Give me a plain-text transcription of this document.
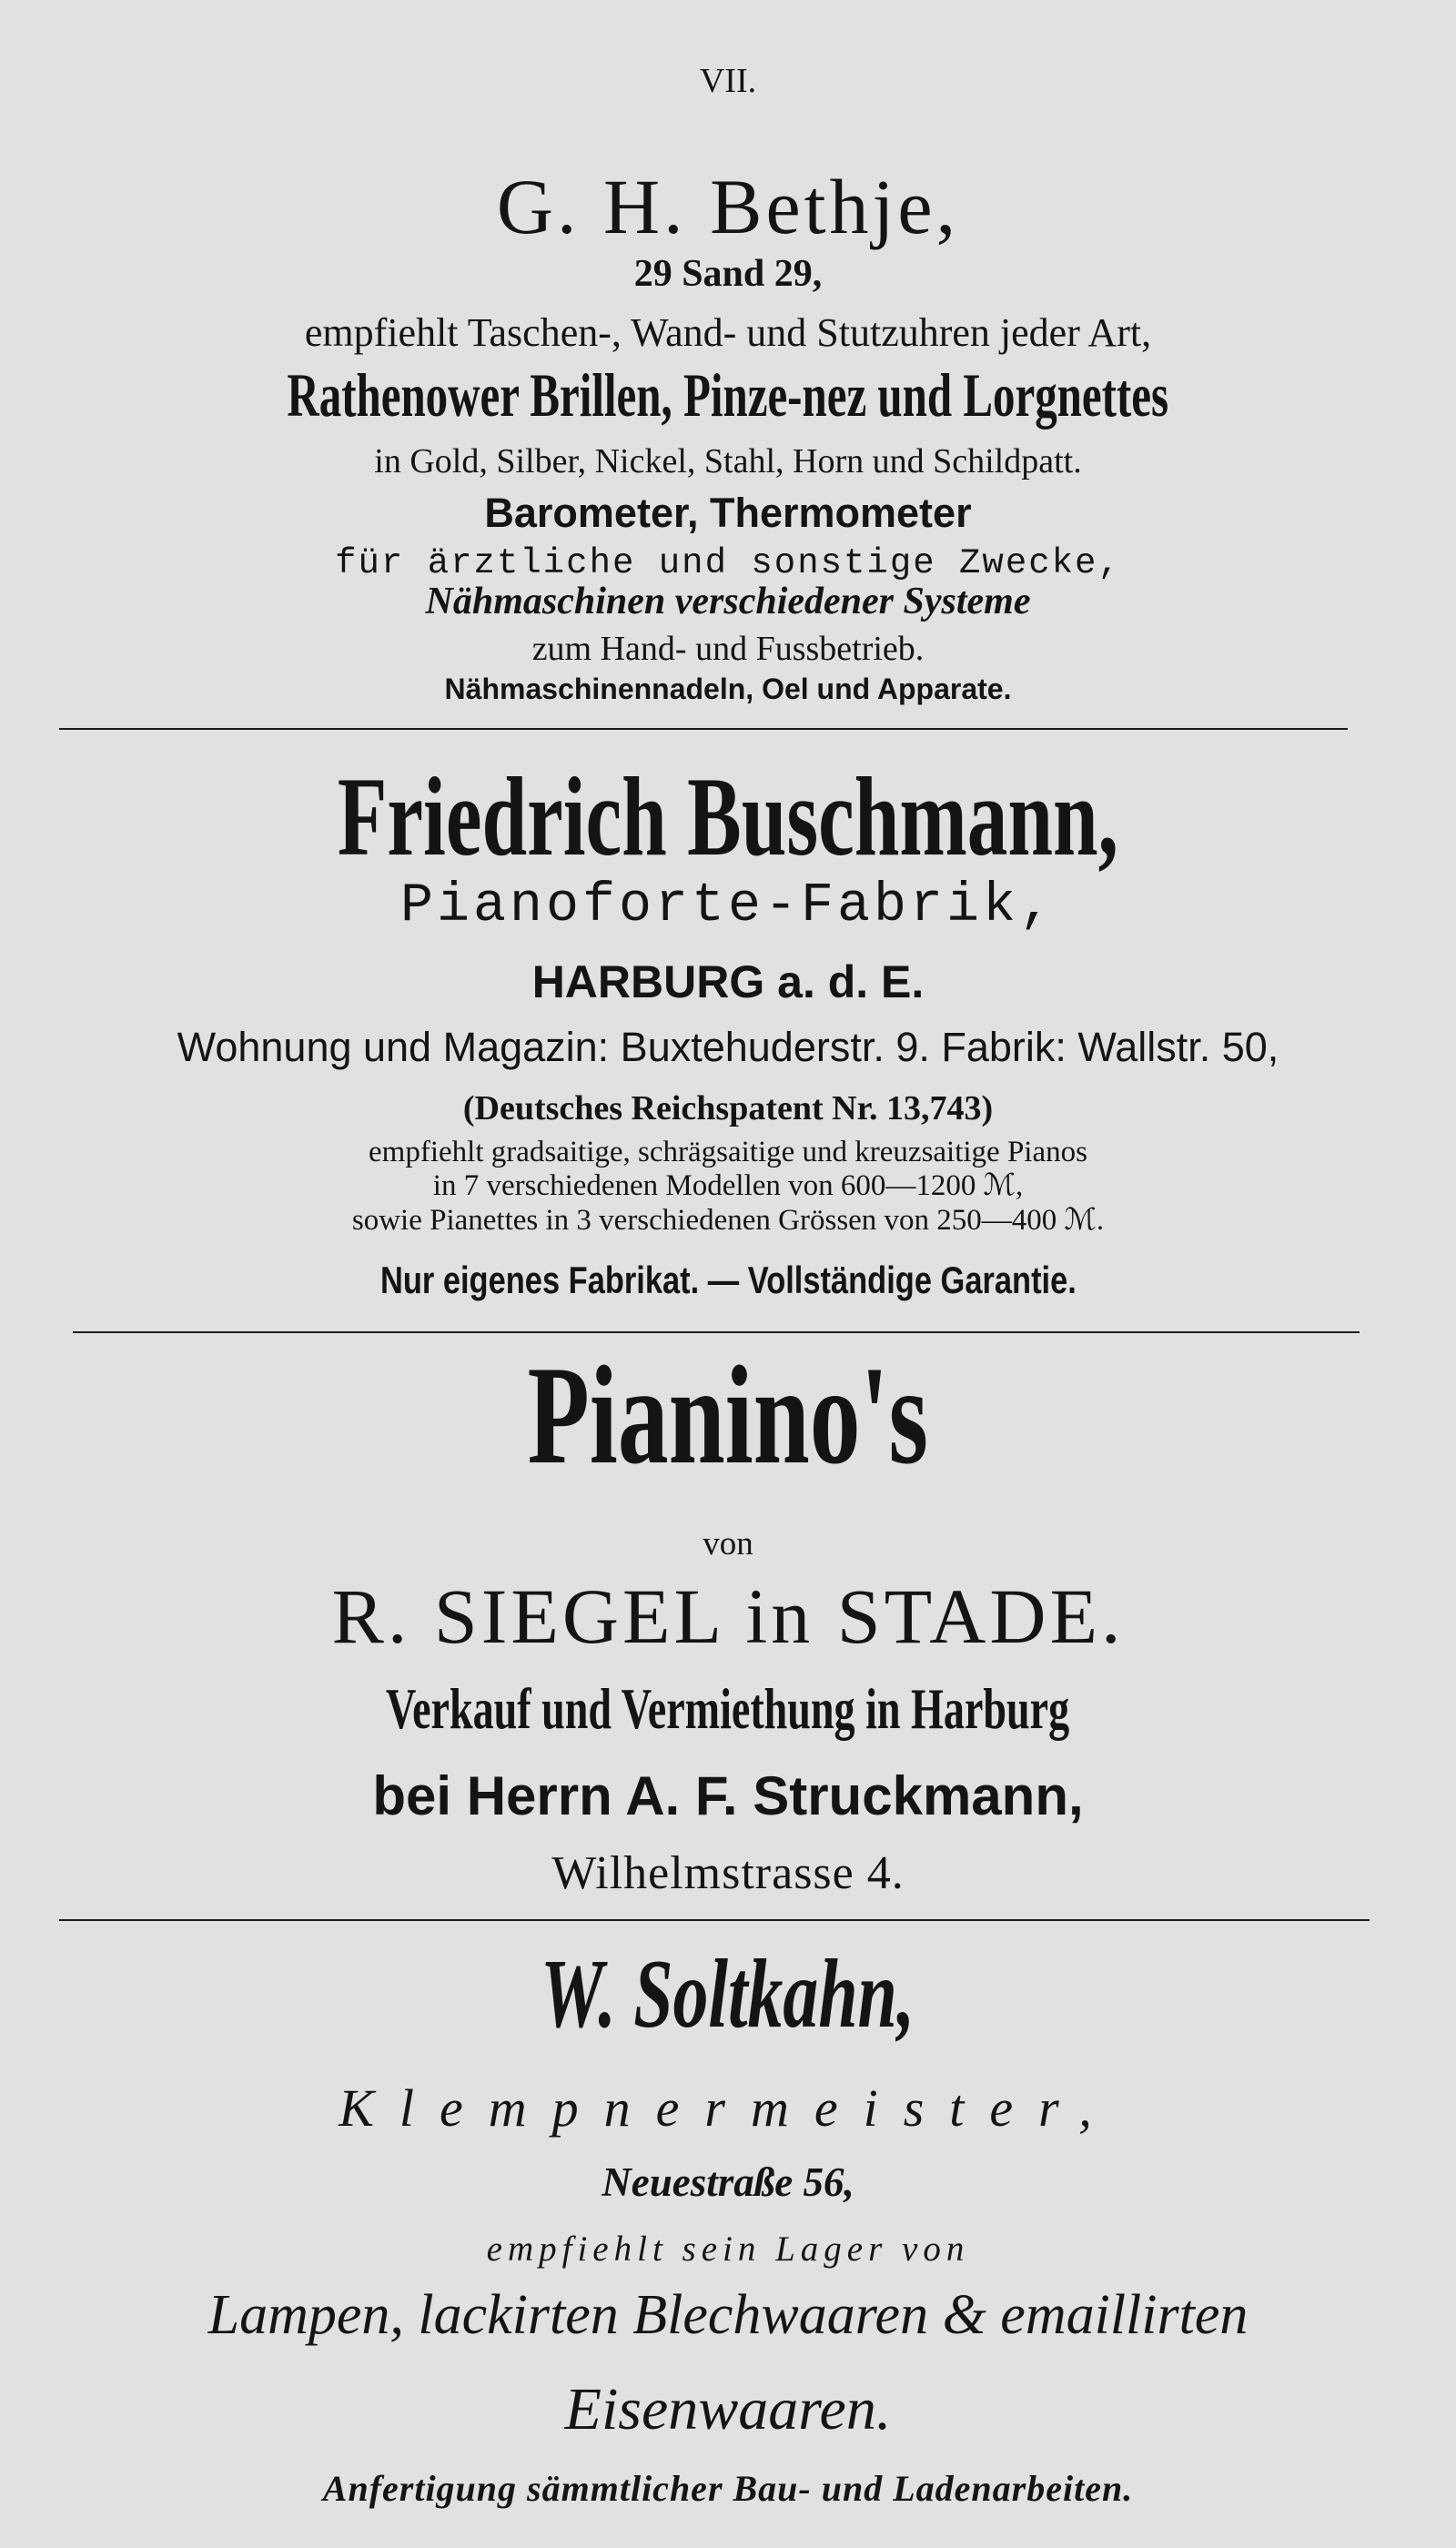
VII.
G. H. Bethje,
29 Sand 29,
empfiehlt Taschen-, Wand- und Stutzuhren jeder Art,
Rathenower Brillen, Pinze-nez und Lorgnettes
in Gold, Silber, Nickel, Stahl, Horn und Schildpatt.
Barometer, Thermometer
für ärztliche und sonstige Zwecke,
Nähmaschinen verschiedener Systeme
zum Hand- und Fussbetrieb.
Nähmaschinennadeln, Oel und Apparate.
Friedrich Buschmann,
Pianoforte-Fabrik,
HARBURG a. d. E.
Wohnung und Magazin: Buxtehuderstr. 9. Fabrik: Wallstr. 50,
(Deutsches Reichspatent Nr. 13,743)
empfiehlt gradsaitige, schrägsaitige und kreuzsaitige Pianos
in 7 verschiedenen Modellen von 600—1200 ℳ,
sowie Pianettes in 3 verschiedenen Grössen von 250—400 ℳ.
Nur eigenes Fabrikat. — Vollständige Garantie.
Pianino's
von
R. SIEGEL in STADE.
Verkauf und Vermiethung in Harburg
bei Herrn A. F. Struckmann,
Wilhelmstrasse 4.
W. Soltkahn,
Klempnermeister,
Neuestraße 56,
empfiehlt sein Lager von
Lampen, lackirten Blechwaaren & emaillirten
Eisenwaaren.
Anfertigung sämmtlicher Bau- und Ladenarbeiten.
